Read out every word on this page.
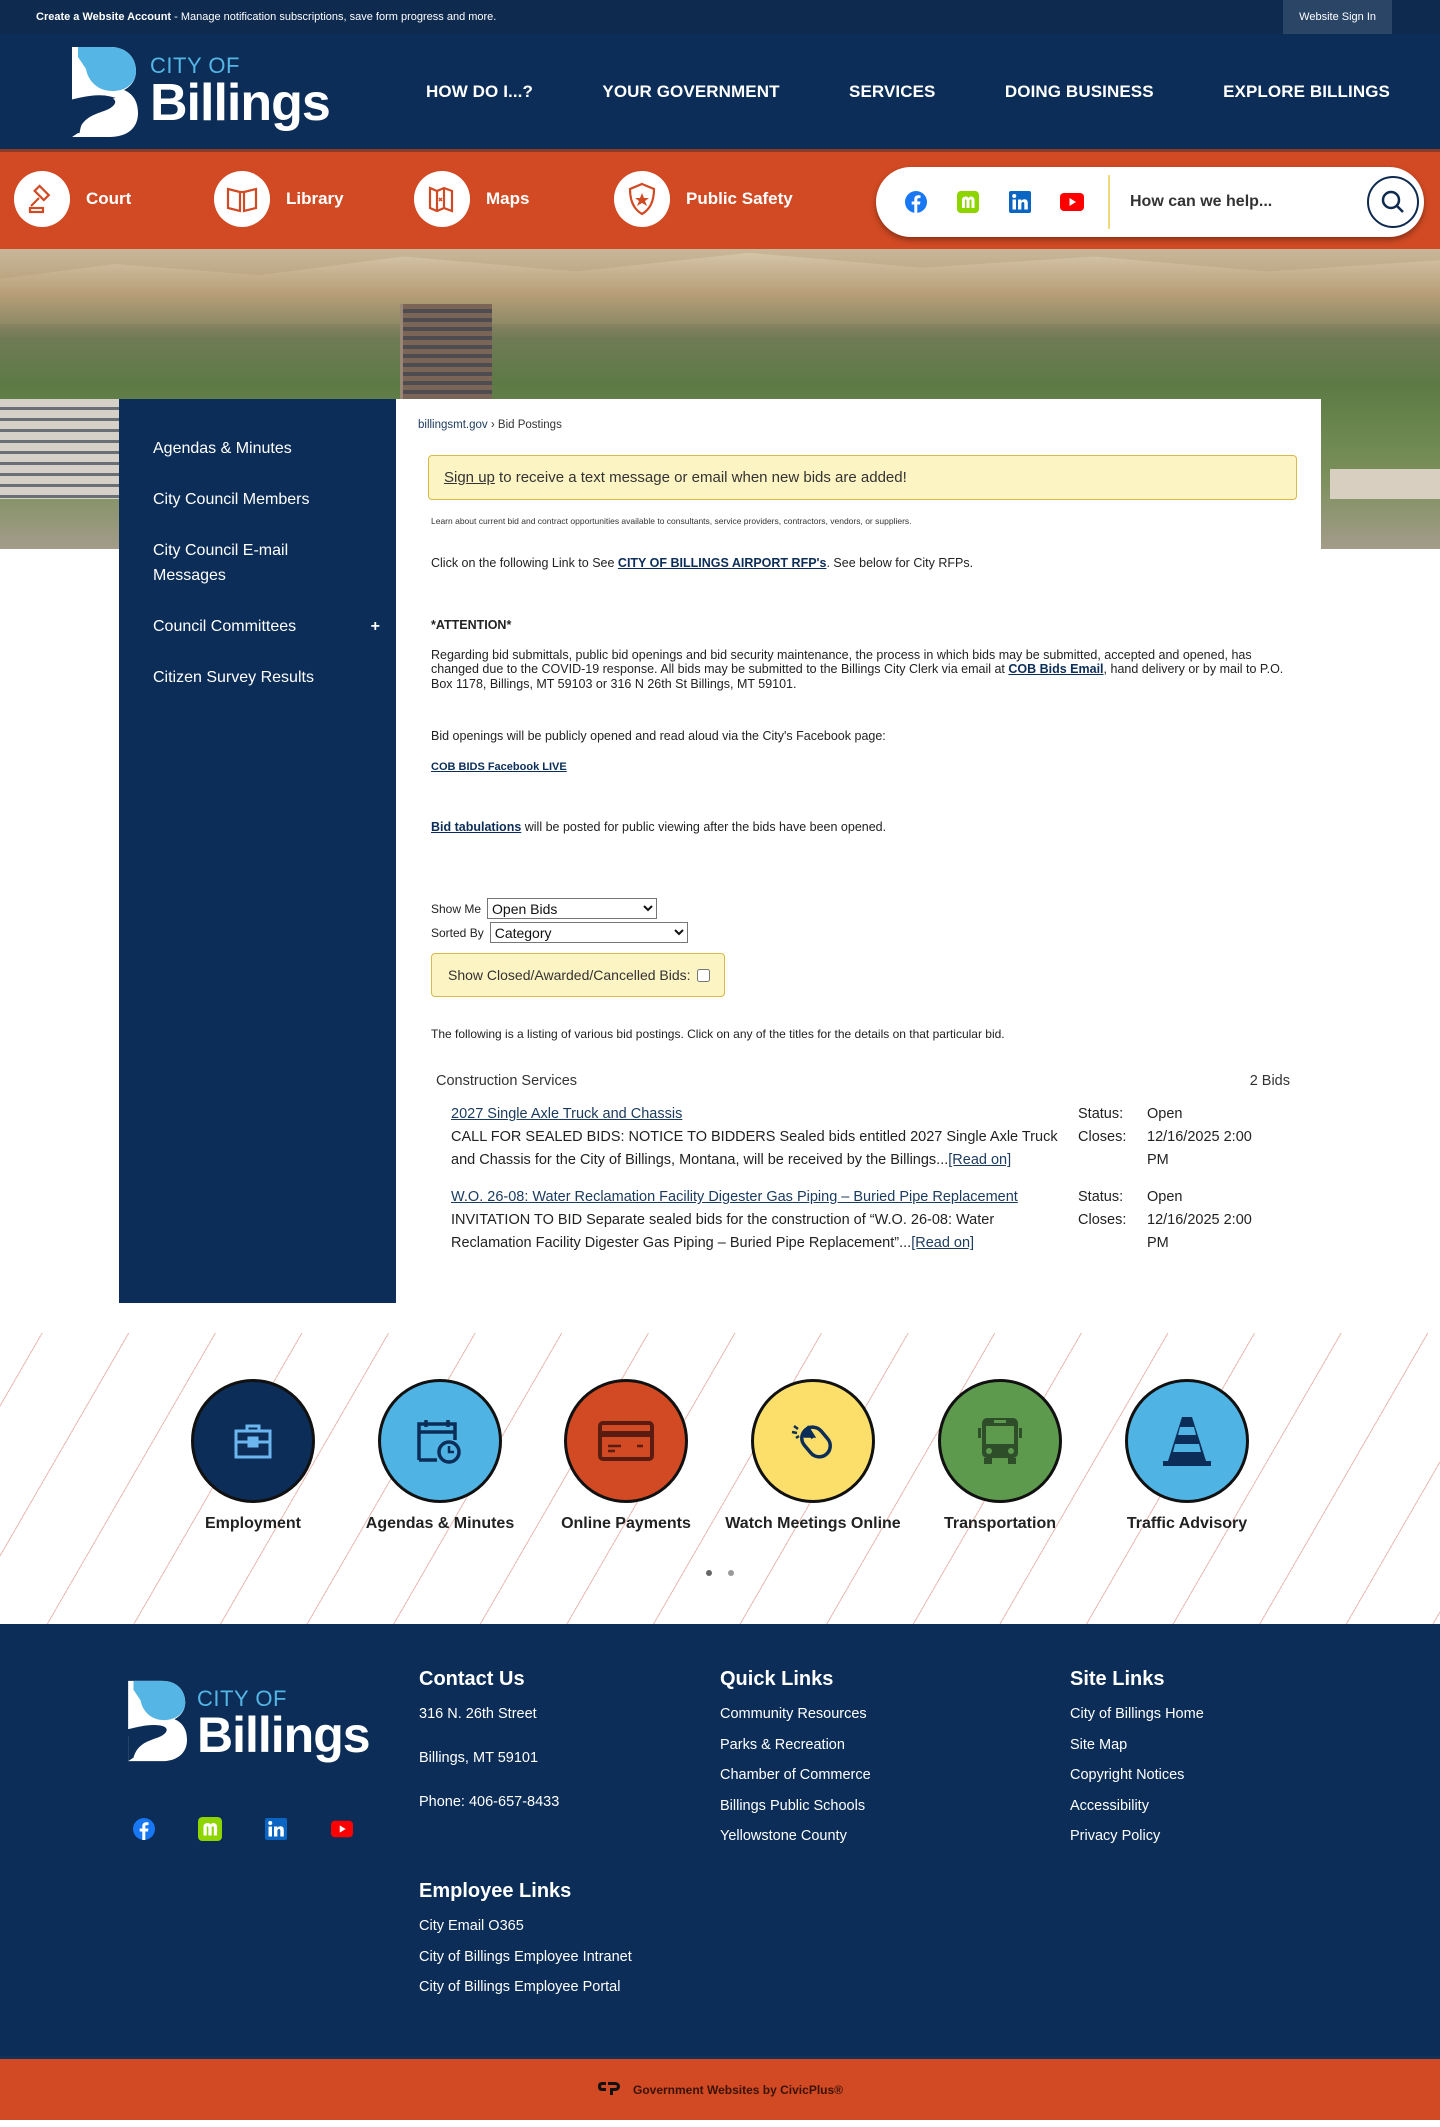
Create a Website Account - Manage notification subscriptions, save form progress and more.	Website Sign In
CITY OF
Billings	HOW DO I...?	YOUR GOVERNMENT	SERVICES	DOING BUSINESS	EXPLORE BILLINGS
Court	Library	Maps	Public Safety
How can we help...
Agendas & Minutes
City Council Members
City Council E-mail Messages
Council Committees	+
Citizen Survey Results
billingsmt.gov › Bid Postings
Sign up to receive a text message or email when new bids are added!

Learn about current bid and contract opportunities available to consultants, service providers, contractors, vendors, or suppliers.

Click on the following Link to See CITY OF BILLINGS AIRPORT RFP's. See below for City RFPs.

*ATTENTION*

Regarding bid submittals, public bid openings and bid security maintenance, the process in which bids may be submitted, accepted and opened, has changed due to the COVID-19 response. All bids may be submitted to the Billings City Clerk via email at COB Bids Email, hand delivery or by mail to P.O. Box 1178, Billings, MT 59103 or 316 N 26th St Billings, MT 59101.

Bid openings will be publicly opened and read aloud via the City's Facebook page:

COB BIDS Facebook LIVE

Bid tabulations will be posted for public viewing after the bids have been opened.

Show Me
Open Bids
Sorted By
Category
Show Closed/Awarded/Cancelled Bids:

The following is a listing of various bid postings. Click on any of the titles for the details on that particular bid.

Construction Services	2 Bids
2027 Single Axle Truck and Chassis
CALL FOR SEALED BIDS: NOTICE TO BIDDERS Sealed bids entitled 2027 Single Axle Truck and Chassis for the City of Billings, Montana, will be received by the Billings...[Read on]
Status:	Open
Closes:	12/16/2025 2:00 PM
W.O. 26-08: Water Reclamation Facility Digester Gas Piping – Buried Pipe Replacement
INVITATION TO BID Separate sealed bids for the construction of “W.O. 26-08: Water Reclamation Facility Digester Gas Piping – Buried Pipe Replacement”...[Read on]
Status:	Open
Closes:	12/16/2025 2:00 PM
Employment	Agendas & Minutes	Online Payments Watch Meetings Online	Transportation	Traffic Advisory
CITY OF
Billings
Contact Us

316 N. 26th Street

Billings, MT 59101

Phone: 406-657-8433

Quick Links
Community Resources
Parks & Recreation
Chamber of Commerce
Billings Public Schools
Yellowstone County
Site Links
City of Billings Home
Site Map
Copyright Notices
Accessibility
Privacy Policy
Employee Links
City Email O365
City of Billings Employee Intranet
City of Billings Employee Portal
Government Websites by CivicPlus®
